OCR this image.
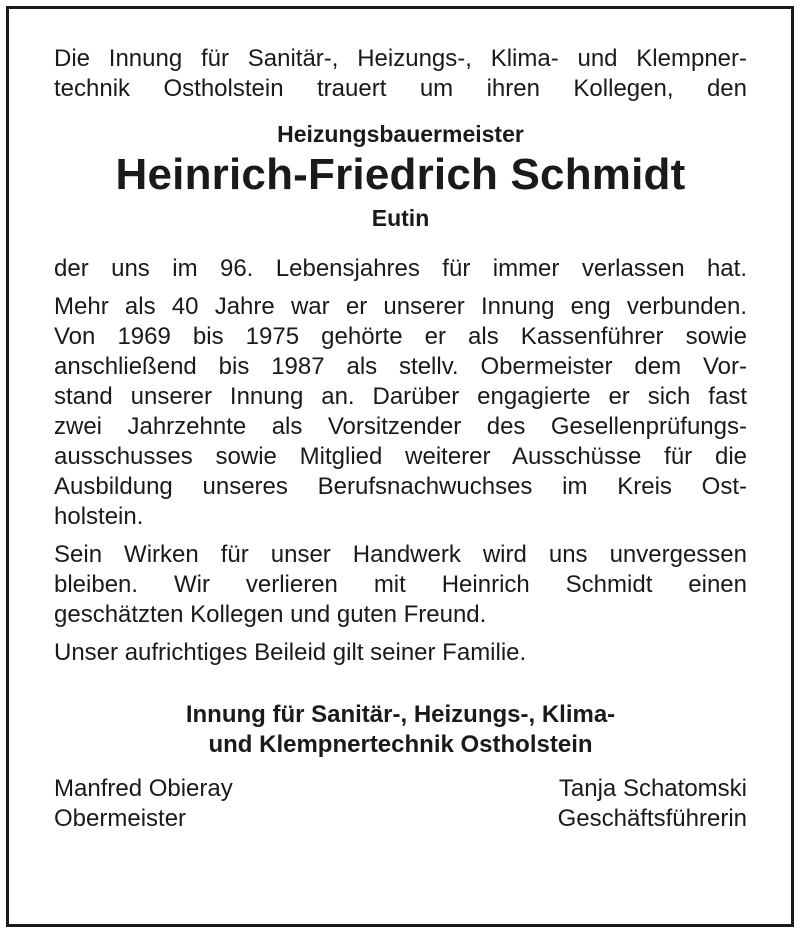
Die Innung für Sanitär-, Heizungs-, Klima- und Klempner-

technik Ostholstein trauert um ihren Kollegen, den

Heizungsbauermeister

Heinrich-Friedrich Schmidt

Eutin

der uns im 96. Lebensjahres für immer verlassen hat.

Mehr als 40 Jahre war er unserer Innung eng verbunden.

Von 1969 bis 1975 gehörte er als Kassenführer sowie

anschließend bis 1987 als stellv. Obermeister dem Vor-

stand unserer Innung an. Darüber engagierte er sich fast

zwei Jahrzehnte als Vorsitzender des Gesellenprüfungs-

ausschusses sowie Mitglied weiterer Ausschüsse für die

Ausbildung unseres Berufsnachwuchses im Kreis Ost-

holstein.

Sein Wirken für unser Handwerk wird uns unvergessen

bleiben. Wir verlieren mit Heinrich Schmidt einen

geschätzten Kollegen und guten Freund.

Unser aufrichtiges Beileid gilt seiner Familie.

Innung für Sanitär-, Heizungs-, Klima-
und Klempnertechnik Ostholstein
Manfred Obieray
Obermeister
Tanja Schatomski
Geschäftsführerin
